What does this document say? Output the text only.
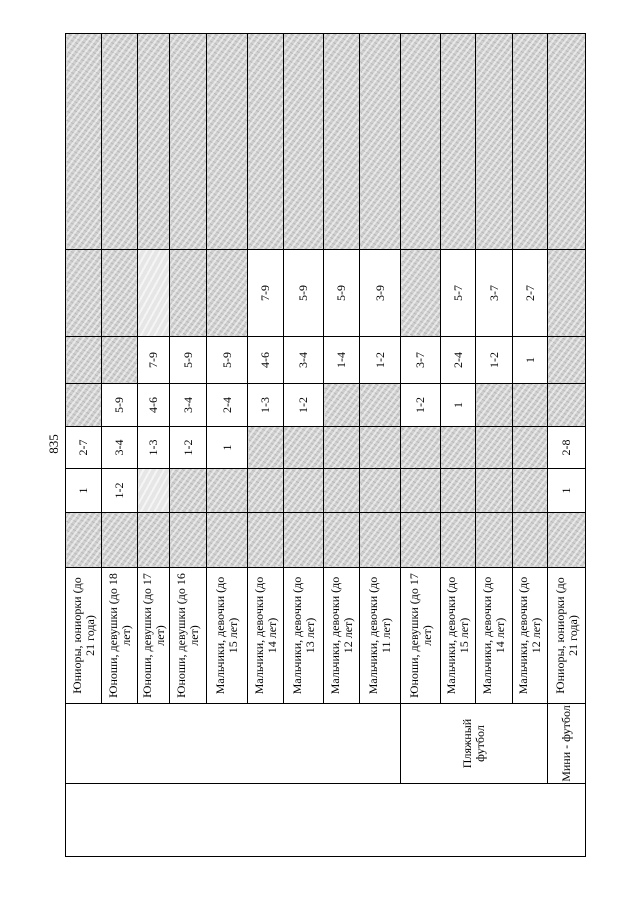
835
		Юниоры, юниорки (до 21 года)		1	2-7				
		Юноши, девушки (до 18 лет)		1-2	3-4	5-9			
		Юноши, девушки (до 17 лет)			1-3	4-6	7-9		
		Юноши, девушки (до 16 лет)			1-2	3-4	5-9		
		Мальчики, девочки (до 15 лет)			1	2-4	5-9		
		Мальчики, девочки (до 14 лет)				1-3	4-6	7-9	
		Мальчики, девочки (до 13 лет)				1-2	3-4	5-9	
		Мальчики, девочки (до 12 лет)					1-4	5-9	
		Мальчики, девочки (до 11 лет)					1-2	3-9	
	Пляжный футбол	Юноши, девушки (до 17 лет)				1-2	3-7		
		Мальчики, девочки (до 15 лет)				1	2-4	5-7	
		Мальчики, девочки (до 14 лет)					1-2	3-7	
		Мальчики, девочки (до 12 лет)					1	2-7	
	Мини - футбол	Юниоры, юниорки (до 21 года)		1	2-8				
